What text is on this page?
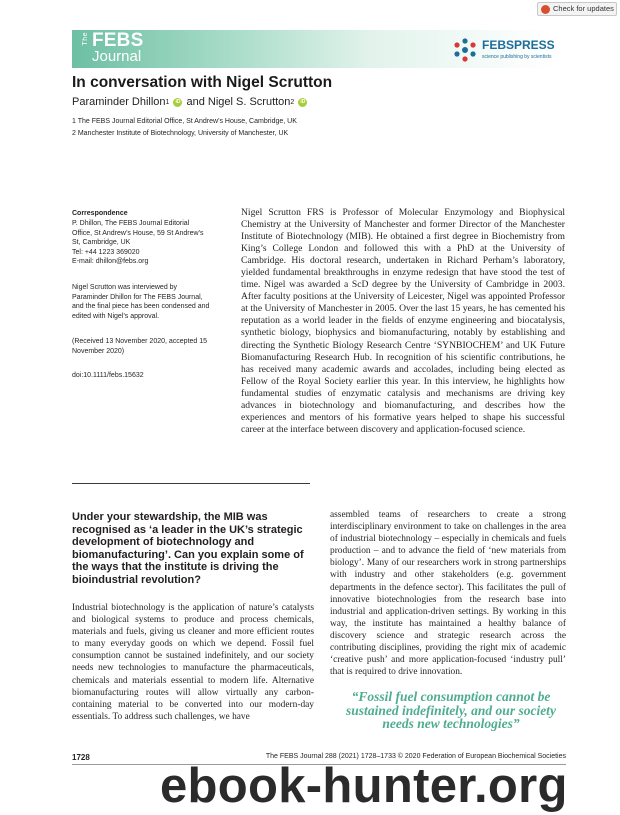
Check for updates
The FEBS
Journal
FEBSPRESS
science publishing by scientists
In conversation with Nigel Scrutton
Paraminder Dhillon 1	iD and
Nigel S. Scrutton 2	iD
1 The FEBS Journal Editorial Office, St Andrew’s House, Cambridge, UK
2 Manchester Institute of Biotechnology, University of Manchester, UK
Correspondence
P. Dhillon, The FEBS Journal Editorial
Office, St Andrew’s House, 59 St Andrew’s
St, Cambridge, UK
Tel: +44 1223 369020
E-mail: dhillon@febs.org
Nigel Scrutton was interviewed by
Paraminder Dhillon for The FEBS Journal,
and the final piece has been condensed and
edited with Nigel’s approval.
(Received 13 November 2020, accepted 15
November 2020)
doi:10.1111/febs.15632
Nigel Scrutton FRS is Professor of Molecular Enzymology and Biophysical Chemistry at the University of Manchester and former Director of the Manchester Institute of Biotechnology (MIB). He obtained a first degree in Biochemistry from King’s College London and followed this with a PhD at the University of Cambridge. His doctoral research, undertaken in Richard Perham’s laboratory, yielded fundamental breakthroughs in enzyme redesign that have stood the test of time. Nigel was awarded a ScD degree by the University of Cambridge in 2003. After faculty positions at the University of Leicester, Nigel was appointed Professor at the University of Manchester in 2005. Over the last 15 years, he has cemented his reputation as a world leader in the fields of enzyme engineering and biocatalysis, synthetic biology, biophysics and biomanufacturing, notably by establishing and directing the Synthetic Biology Research Centre ‘SYNBIOCHEM’ and UK Future Biomanufacturing Research Hub. In recognition of his scientific contributions, he has received many academic awards and accolades, including being elected as Fellow of the Royal Society earlier this year. In this interview, he highlights how fundamental studies of enzymatic catalysis and mechanisms are driving key advances in biotechnology and biomanufacturing, and describes how the experiences and mentors of his formative years helped to shape his successful career at the interface between discovery and application-focused science.
Under your stewardship, the MIB was recognised as ‘a leader in the UK’s strategic development of biotechnology and biomanufacturing’. Can you explain some of the ways that the institute is driving the bioindustrial revolution?
Industrial biotechnology is the application of nature’s catalysts and biological systems to produce and process chemicals, materials and fuels, giving us cleaner and more efficient routes to many everyday goods on which we depend. Fossil fuel consumption cannot be sustained indefinitely, and our society needs new technologies to manufacture the pharmaceuticals, chemicals and materials essential to modern life. Alternative biomanufacturing routes will allow virtually any carbon-containing material to be converted into our modern-day essentials. To address such challenges, we have
assembled teams of researchers to create a strong interdisciplinary environment to take on challenges in the area of industrial biotechnology – especially in chemicals and fuels production – and to advance the field of ‘new materials from biology’. Many of our researchers work in strong partnerships with industry and other stakeholders (e.g. government departments in the defence sector). This facilitates the pull of innovative biotechnologies from the research base into industrial and application-driven settings. By working in this way, the institute has maintained a healthy balance of discovery science and strategic research across the contributing disciplines, providing the right mix of academic ‘creative push’ and more application-focused ‘industry pull’ that is required to drive innovation.
“Fossil fuel consumption cannot be sustained indefinitely, and our society needs new technologies”
1728	The FEBS Journal 288 (2021) 1728–1733 © 2020 Federation of European Biochemical Societies
ebook-hunter.org
